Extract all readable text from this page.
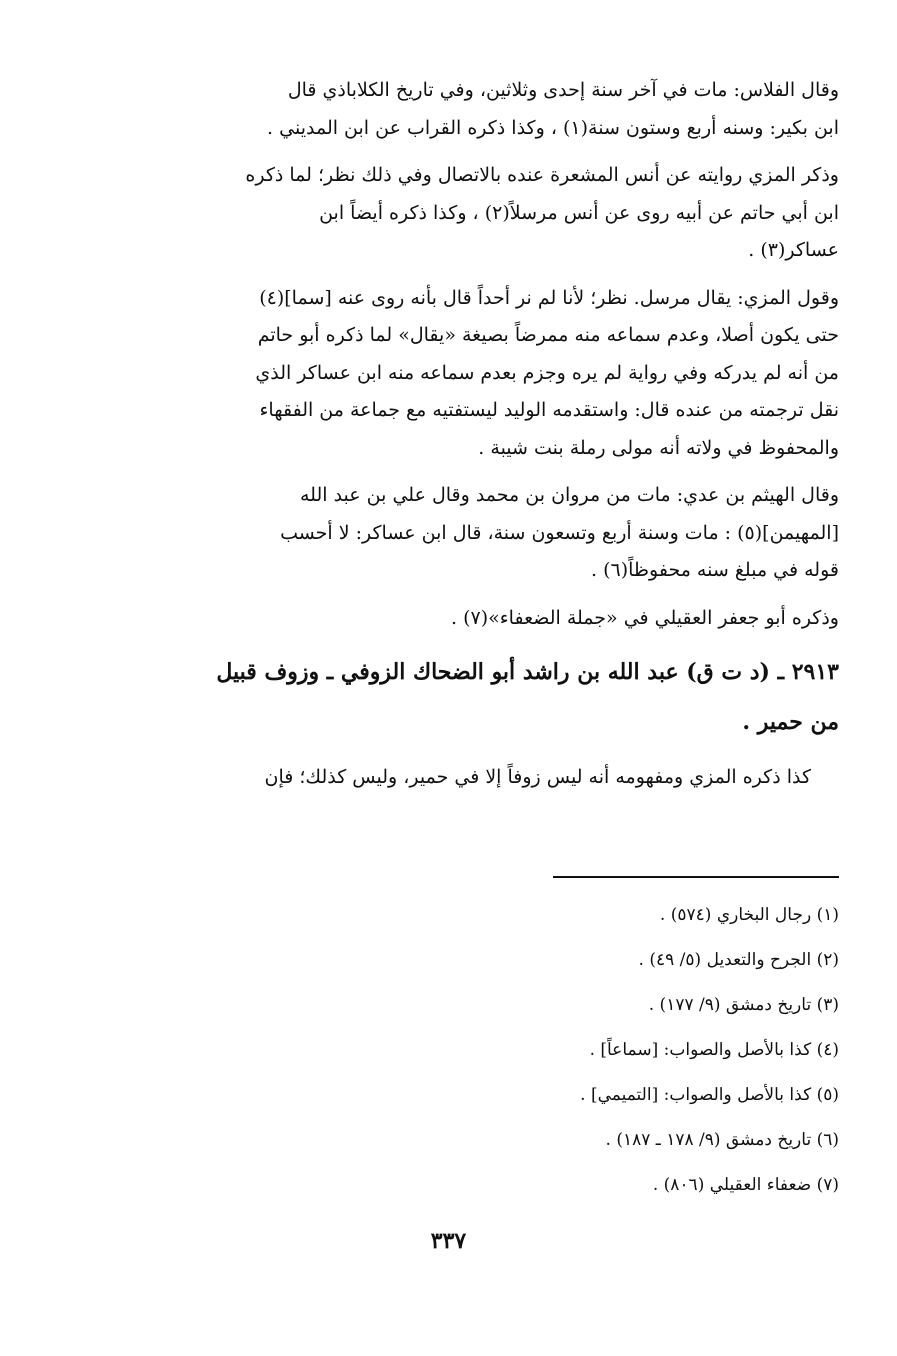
وقال الفلاس: مات في آخر سنة إحدى وثلاثين، وفي تاريخ الكلاباذي قال

ابن بكير: وسنه أربع وستون سنة(١) ، وكذا ذكره القراب عن ابن المديني .

وذكر المزي روايته عن أنس المشعرة عنده بالاتصال وفي ذلك نظر؛ لما ذكره

ابن أبي حاتم عن أبيه روى عن أنس مرسلاً(٢) ، وكذا ذكره أيضاً ابن

عساكر(٣) .

وقول المزي: يقال مرسل. نظر؛ لأنا لم نر أحداً قال بأنه روى عنه [سما](٤)

حتى يكون أصلا، وعدم سماعه منه ممرضاً بصيغة «يقال» لما ذكره أبو حاتم

من أنه لم يدركه وفي رواية لم يره وجزم بعدم سماعه منه ابن عساكر الذي

نقل ترجمته من عنده قال: واستقدمه الوليد ليستفتيه مع جماعة من الفقهاء

والمحفوظ في ولاته أنه مولى رملة بنت شيبة .

وقال الهيثم بن عدي: مات من مروان بن محمد وقال علي بن عبد الله

[المهيمن](٥) : مات وسنة أربع وتسعون سنة، قال ابن عساكر: لا أحسب

قوله في مبلغ سنه محفوظاً(٦) .

وذكره أبو جعفر العقيلي في «جملة الضعفاء»(٧) .

٢٩١٣ ـ (د ت ق) عبد الله بن راشد أبو الضحاك الزوفي ـ وزوف قبيل

من حمير .

كذا ذكره المزي ومفهومه أنه ليس زوفاً إلا في حمير، وليس كذلك؛ فإن

(١) رجال البخاري (٥٧٤) .

(٢) الجرح والتعديل (٥/ ٤٩) .

(٣) تاريخ دمشق (٩/ ١٧٧) .

(٤) كذا بالأصل والصواب: [سماعاً] .

(٥) كذا بالأصل والصواب: [التميمي] .

(٦) تاريخ دمشق (٩/ ١٧٨ ـ ١٨٧) .

(٧) ضعفاء العقيلي (٨٠٦) .

٣٣٧
